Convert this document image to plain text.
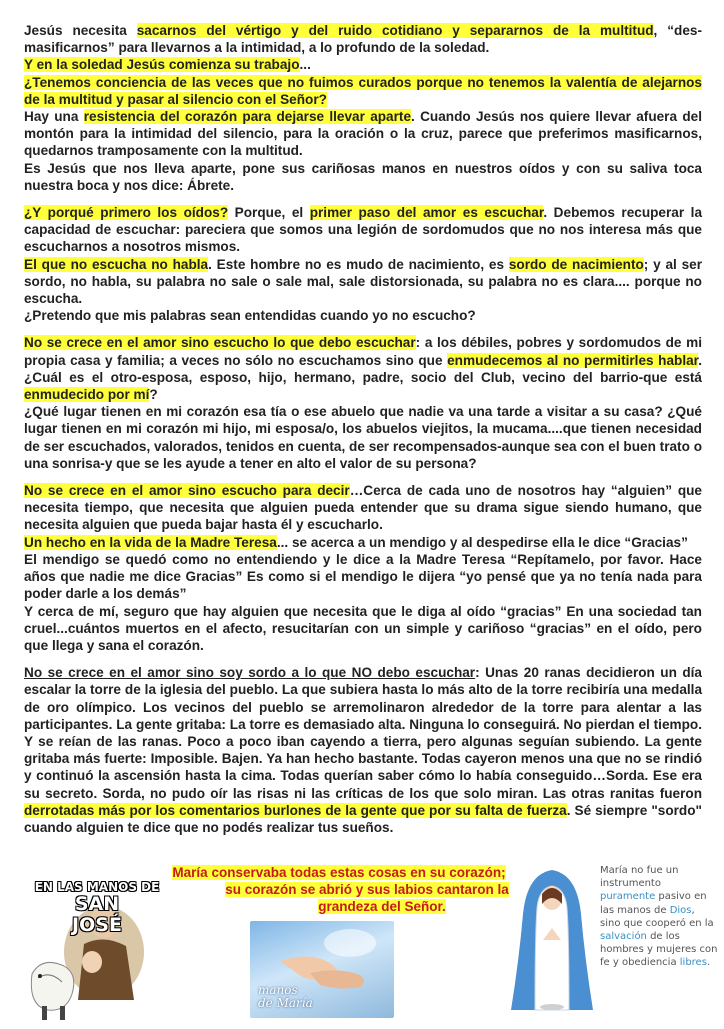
Jesús necesita sacarnos del vértigo y del ruido cotidiano y separarnos de la multitud, “des-masificarnos” para llevarnos a la intimidad, a lo profundo de la soledad.

Y en la soledad Jesús comienza su trabajo...

¿Tenemos conciencia de las veces que no fuimos curados porque no tenemos la valentía de alejarnos de la multitud y pasar al silencio con el Señor?

Hay una resistencia del corazón para dejarse llevar aparte. Cuando Jesús nos quiere llevar afuera del montón para la intimidad del silencio, para la oración o la cruz, parece que preferimos masificarnos, quedarnos tramposamente con la multitud.

Es Jesús que nos lleva aparte, pone sus cariñosas manos en nuestros oídos y con su saliva toca nuestra boca y nos dice: Ábrete.

¿Y porqué primero los oídos? Porque, el primer paso del amor es escuchar. Debemos recuperar la capacidad de escuchar: pareciera que somos una legión de sordomudos que no nos interesa más que escucharnos a nosotros mismos.

El que no escucha no habla. Este hombre no es mudo de nacimiento, es sordo de nacimiento; y al ser sordo, no habla, su palabra no sale o sale mal, sale distorsionada, su palabra no es clara.... porque no escucha.

¿Pretendo que mis palabras sean entendidas cuando yo no escucho?

No se crece en el amor sino escucho lo que debo escuchar: a los débiles, pobres y sordomudos de mi propia casa y familia; a veces no sólo no escuchamos sino que enmudecemos al no permitirles hablar. ¿Cuál es el otro-esposa, esposo, hijo, hermano, padre, socio del Club, vecino del barrio-que está enmudecido por mí?

¿Qué lugar tienen en mi corazón esa tía o ese abuelo que nadie va una tarde a visitar a su casa? ¿Qué lugar tienen en mi corazón mi hijo, mi esposa/o, los abuelos viejitos, la mucama....que tienen necesidad de ser escuchados, valorados, tenidos en cuenta, de ser recompensados-aunque sea con el buen trato o una sonrisa-y que se les ayude a tener en alto el valor de su persona?

No se crece en el amor sino escucho para decir…Cerca de cada uno de nosotros hay “alguien” que necesita tiempo, que necesita que alguien pueda entender que su drama sigue siendo humano, que necesita alguien que pueda bajar hasta él y escucharlo.

Un hecho en la vida de la Madre Teresa... se acerca a un mendigo y al despedirse ella le dice “Gracias”

El mendigo se quedó como no entendiendo y le dice a la Madre Teresa “Repítamelo, por favor. Hace años que nadie me dice Gracias” Es como si el mendigo le dijera “yo pensé que ya no tenía nada para poder darle a los demás”

Y cerca de mí, seguro que hay alguien que necesita que le diga al oído “gracias” En una sociedad tan cruel...cuántos muertos en el afecto, resucitarían con un simple y cariñoso “gracias” en el oído, pero que llega y sana el corazón.

No se crece en el amor sino soy sordo a lo que NO debo escuchar: Unas 20 ranas decidieron un día escalar la torre de la iglesia del pueblo. La que subiera hasta lo más alto de la torre recibiría una medalla de oro olímpico. Los vecinos del pueblo se arremolinaron alrededor de la torre para alentar a las participantes. La gente gritaba: La torre es demasiado alta. Ninguna lo conseguirá. No pierdan el tiempo. Y se reían de las ranas. Poco a poco iban cayendo a tierra, pero algunas seguían subiendo. La gente gritaba más fuerte: Imposible. Bajen. Ya han hecho bastante. Todas cayeron menos una que no se rindió y continuó la ascensión hasta la cima. Todas querían saber cómo lo había conseguido…Sorda. Ese era su secreto. Sorda, no pudo oír las risas ni las críticas de los que solo miran. Las otras ranitas fueron derrotadas más por los comentarios burlones de la gente que por su falta de fuerza. Sé siempre "sordo" cuando alguien te dice que no podés realizar tus sueños.

María conservaba todas estas cosas en su corazón;
su corazón se abrió y sus labios cantaron la
grandeza del Señor.
EN LAS MANOS DE
SAN
JOSÉ
manos
de María
María no fue un instrumento puramente pasivo en las manos de Dios, sino que cooperó en la salvación de los hombres y mujeres con fe y obediencia libres.
